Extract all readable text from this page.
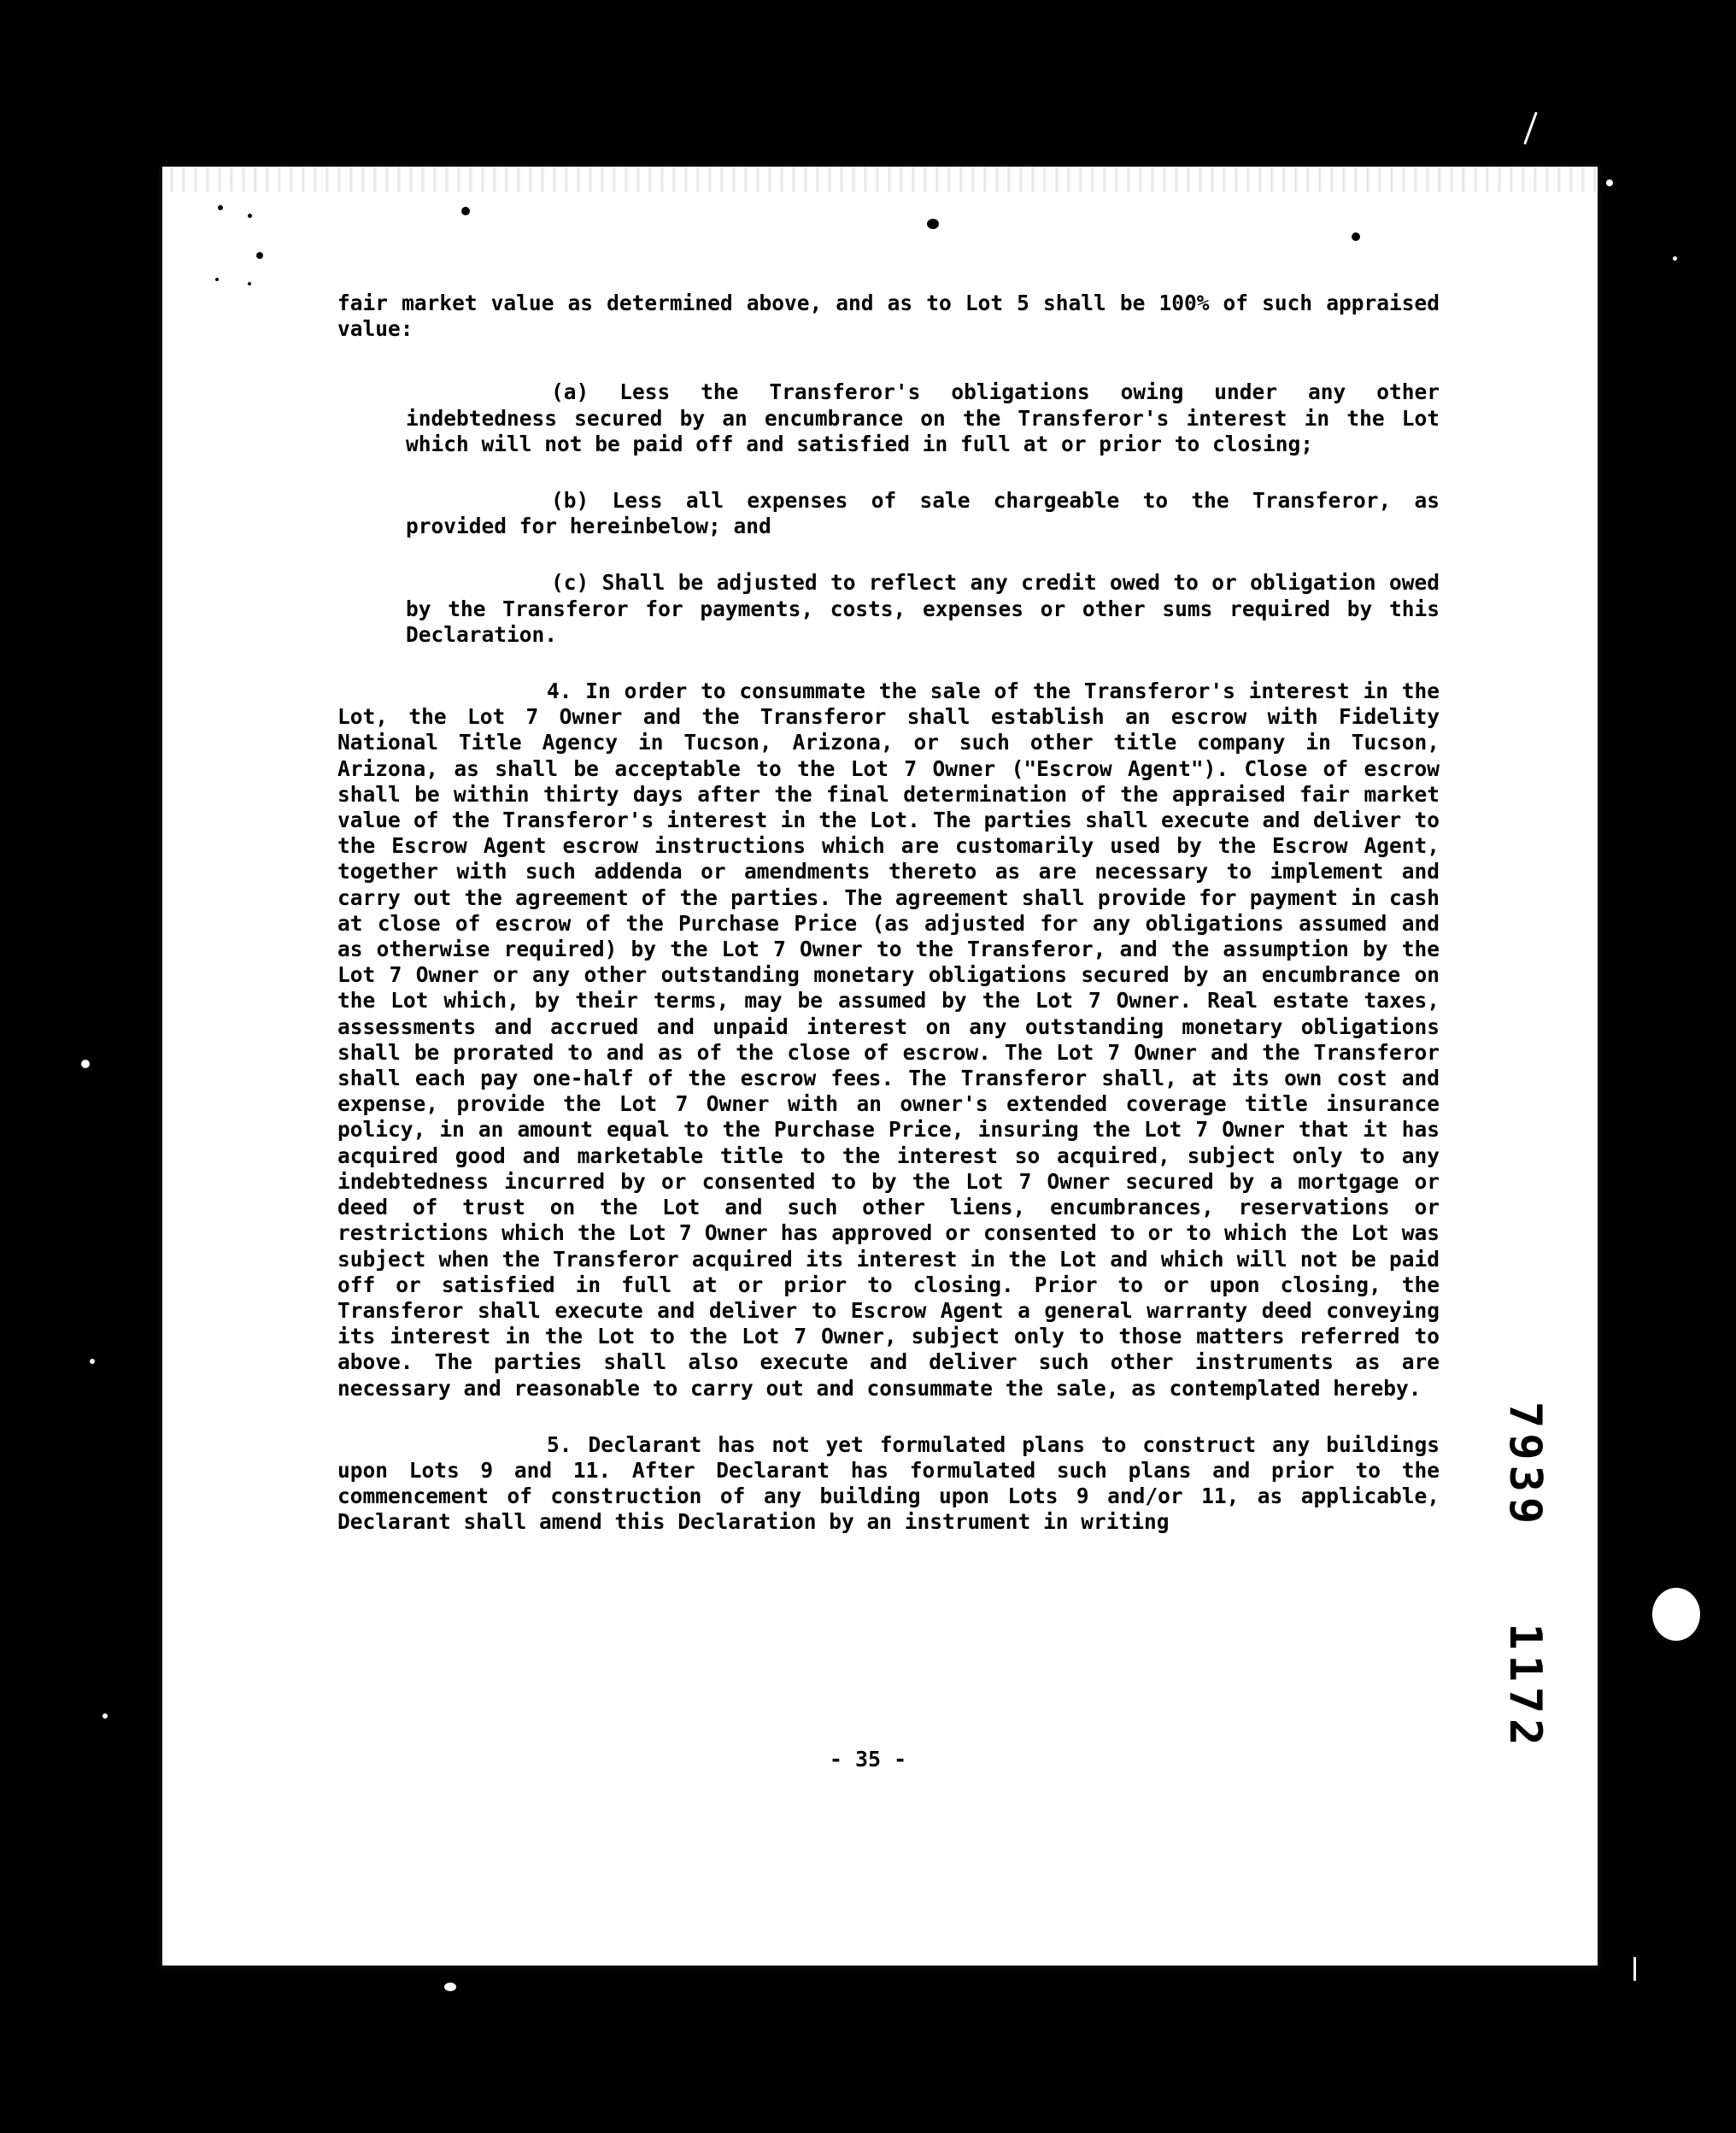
fair market value as determined above, and as to Lot 5 shall be 100% of such appraised value:

(a) Less the Transferor's obligations owing under any other indebtedness secured by an encumbrance on the Transferor's interest in the Lot which will not be paid off and satisfied in full at or prior to closing;

(b) Less all expenses of sale chargeable to the Transferor, as provided for hereinbelow; and

(c) Shall be adjusted to reflect any credit owed to or obligation owed by the Transferor for payments, costs, expenses or other sums required by this Declaration.

4. In order to consummate the sale of the Transferor's interest in the Lot, the Lot 7 Owner and the Transferor shall establish an escrow with Fidelity National Title Agency in Tucson, Arizona, or such other title company in Tucson, Arizona, as shall be acceptable to the Lot 7 Owner ("Escrow Agent"). Close of escrow shall be within thirty days after the final determination of the appraised fair market value of the Transferor's interest in the Lot. The parties shall execute and deliver to the Escrow Agent escrow instructions which are customarily used by the Escrow Agent, together with such addenda or amendments thereto as are necessary to implement and carry out the agreement of the parties. The agreement shall provide for payment in cash at close of escrow of the Purchase Price (as adjusted for any obligations assumed and as otherwise required) by the Lot 7 Owner to the Transferor, and the assumption by the Lot 7 Owner or any other outstanding monetary obligations secured by an encumbrance on the Lot which, by their terms, may be assumed by the Lot 7 Owner. Real estate taxes, assessments and accrued and unpaid interest on any outstanding monetary obligations shall be prorated to and as of the close of escrow. The Lot 7 Owner and the Transferor shall each pay one-half of the escrow fees. The Transferor shall, at its own cost and expense, provide the Lot 7 Owner with an owner's extended coverage title insurance policy, in an amount equal to the Purchase Price, insuring the Lot 7 Owner that it has acquired good and marketable title to the interest so acquired, subject only to any indebtedness incurred by or consented to by the Lot 7 Owner secured by a mortgage or deed of trust on the Lot and such other liens, encumbrances, reservations or restrictions which the Lot 7 Owner has approved or consented to or to which the Lot was subject when the Transferor acquired its interest in the Lot and which will not be paid off or satisfied in full at or prior to closing. Prior to or upon closing, the Transferor shall execute and deliver to Escrow Agent a general warranty deed conveying its interest in the Lot to the Lot 7 Owner, subject only to those matters referred to above. The parties shall also execute and deliver such other instruments as are necessary and reasonable to carry out and consummate the sale, as contemplated hereby.

5. Declarant has not yet formulated plans to construct any buildings upon Lots 9 and 11. After Declarant has formulated such plans and prior to the commencement of construction of any building upon Lots 9 and/or 11, as applicable, Declarant shall amend this Declaration by an instrument in writing

- 35 -
79391172
